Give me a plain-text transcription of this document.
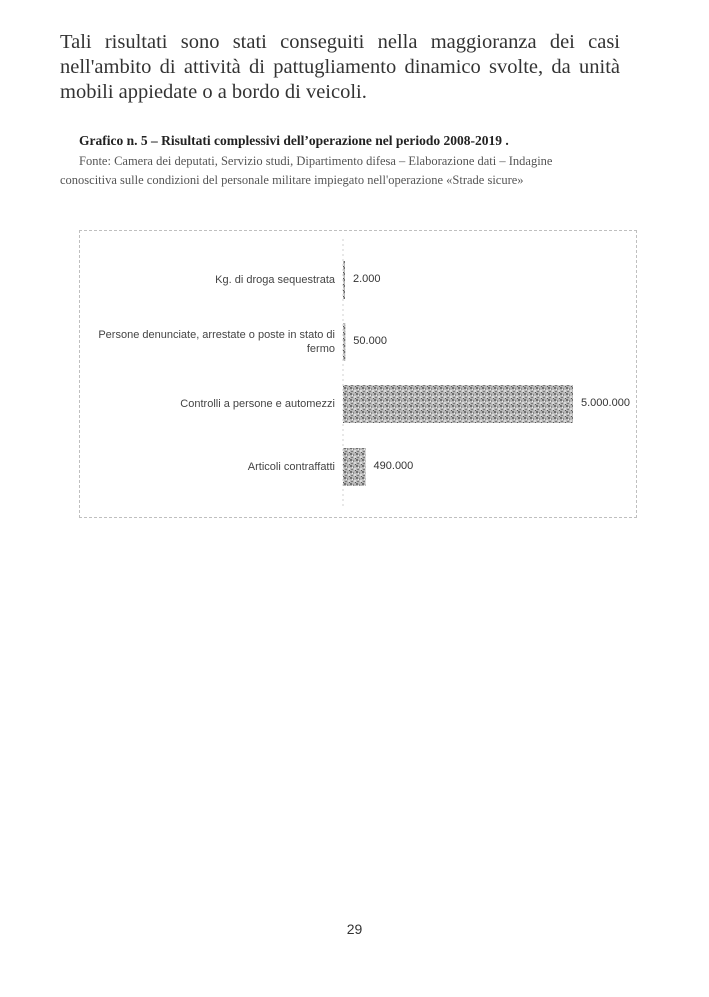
Tali risultati sono stati conseguiti nella maggioranza dei casi nell'ambito di attività di pattugliamento dinamico svolte, da unità mobili appiedate o a bordo di veicoli.
Grafico n. 5 – Risultati complessivi dell’operazione nel periodo 2008-2019 .
Fonte: Camera dei deputati, Servizio studi, Dipartimento difesa – Elaborazione dati – Indagine conoscitiva sulle condizioni del personale militare impiegato nell'operazione «Strade sicure»
Kg. di droga sequestrata 2.000
Persone denunciate, arrestate o poste in stato di fermo
50.000
Controlli a persone e automezzi	5.000.000
Articoli contraffatti	490.000
29
